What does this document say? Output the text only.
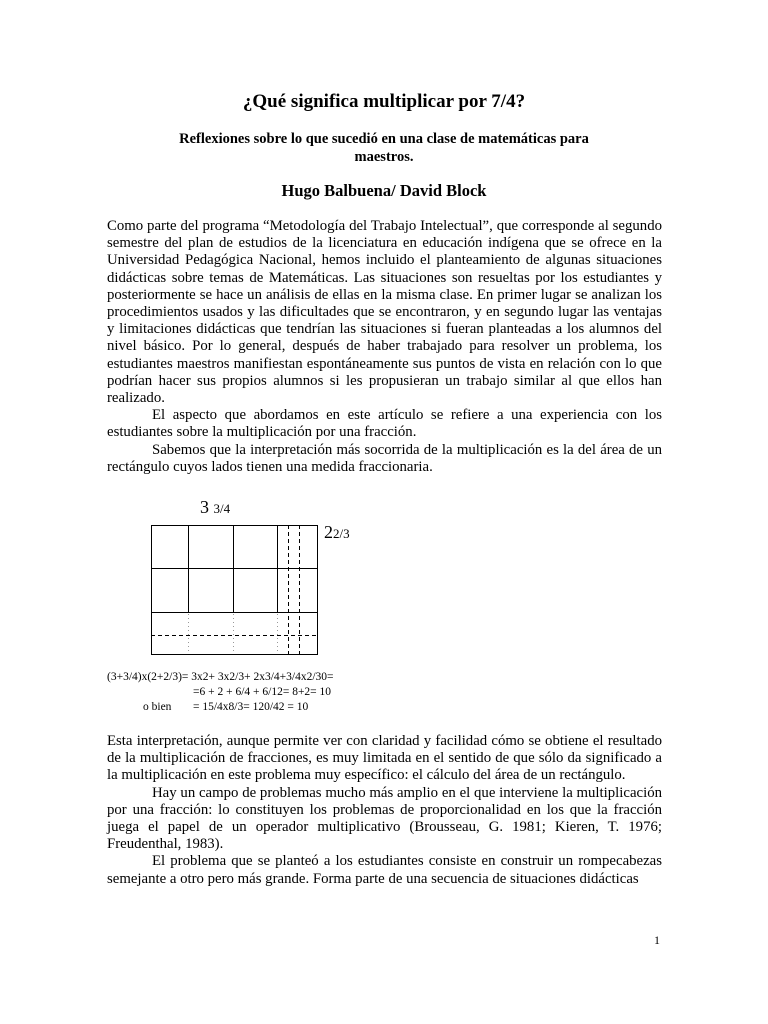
¿Qué significa multiplicar por 7/4?
Reflexiones sobre lo que sucedió en una clase de matemáticas para
maestros.
Hugo Balbuena/ David Block

Como parte del programa “Metodología del Trabajo Intelectual”, que corresponde al segundo semestre del plan de estudios de la licenciatura en educación indígena que se ofrece en la Universidad Pedagógica Nacional, hemos incluido el planteamiento de algunas situaciones didácticas sobre temas de Matemáticas. Las situaciones son resueltas por los estudiantes y posteriormente se hace un análisis de ellas en la misma clase. En primer lugar se analizan los procedimientos usados y las dificultades que se encontraron, y en segundo lugar las ventajas y limitaciones didácticas que tendrían las situaciones si fueran planteadas a los alumnos del nivel básico. Por lo general, después de haber trabajado para resolver un problema, los estudiantes maestros manifiestan espontáneamente sus puntos de vista en relación con lo que podrían hacer sus propios alumnos si les propusieran un trabajo similar al que ellos han realizado.

El aspecto que abordamos en este artículo se refiere a una experiencia con los estudiantes sobre la multiplicación por una fracción.

Sabemos que la interpretación más socorrida de la multiplicación es la del área de un rectángulo cuyos lados tienen una medida fraccionaria.

3 3/4
22/3
(3+3/4)x(2+2/3)= 3x2+ 3x2/3+ 2x3/4+3/4x2/30=
=6 + 2 + 6/4 + 6/12= 8+2= 10
o bien = 15/4x8/3= 120/42 = 10

Esta interpretación, aunque permite ver con claridad y facilidad cómo se obtiene el resultado de la multiplicación de fracciones, es muy limitada en el sentido de que sólo da significado a la multiplicación en este problema muy específico: el cálculo del área de un rectángulo.

Hay un campo de problemas mucho más amplio en el que interviene la multiplicación por una fracción: lo constituyen los problemas de proporcionalidad en los que la fracción juega el papel de un operador multiplicativo (Brousseau, G. 1981; Kieren, T. 1976; Freudenthal, 1983).

El problema que se planteó a los estudiantes consiste en construir un rompecabezas semejante a otro pero más grande. Forma parte de una secuencia de situaciones didácticas

1
